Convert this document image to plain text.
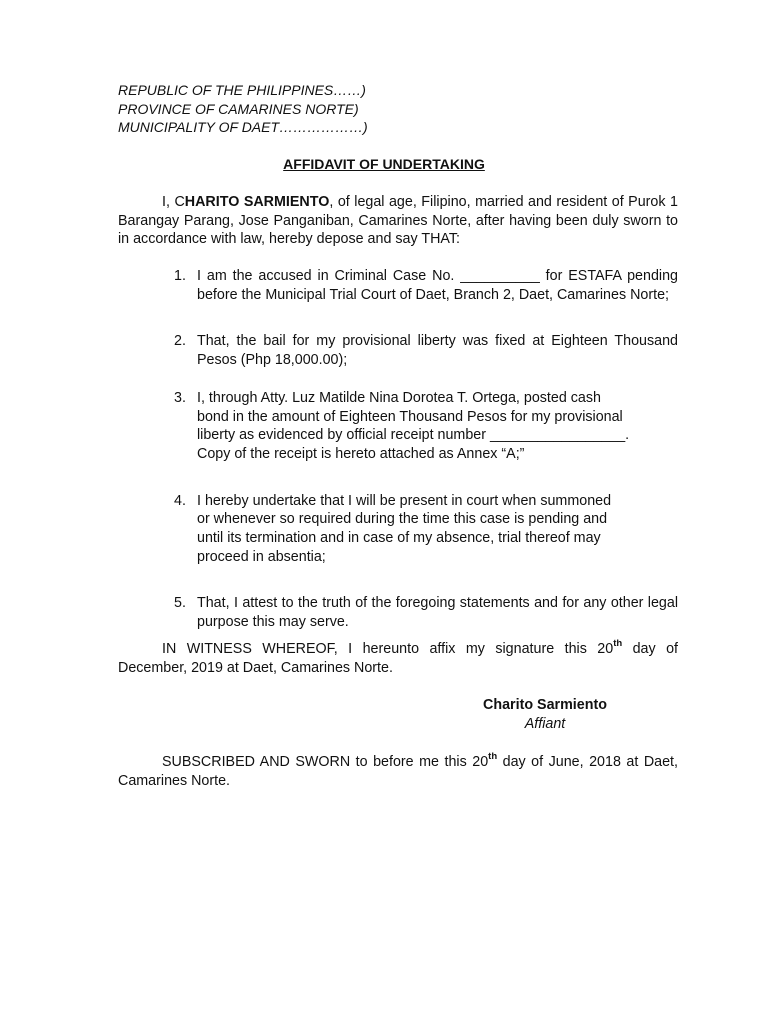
REPUBLIC OF THE PHILIPPINES……)
PROVINCE OF CAMARINES NORTE)
MUNICIPALITY OF DAET………………)
AFFIDAVIT OF UNDERTAKING
I, CHARITO SARMIENTO, of legal age, Filipino, married and resident of Purok 1 Barangay Parang, Jose Panganiban, Camarines Norte, after having been duly sworn to in accordance with law, hereby depose and say THAT:
1. I am the accused in Criminal Case No. __________ for ESTAFA pending before the Municipal Trial Court of Daet, Branch 2, Daet, Camarines Norte;
2. That, the bail for my provisional liberty was fixed at Eighteen Thousand Pesos (Php 18,000.00);
3. I, through Atty. Luz Matilde Nina Dorotea T. Ortega, posted cash
bond in the amount of Eighteen Thousand Pesos for my provisional
liberty as evidenced by official receipt number _________________.
Copy of the receipt is hereto attached as Annex “A;”
4. I hereby undertake that I will be present in court when summoned
or whenever so required during the time this case is pending and
until its termination and in case of my absence, trial thereof may
proceed in absentia;
5. That, I attest to the truth of the foregoing statements and for any other legal purpose this may serve.
IN WITNESS WHEREOF, I hereunto affix my signature this 20th day of December, 2019 at Daet, Camarines Norte.
Charito Sarmiento
Affiant
SUBSCRIBED AND SWORN to before me this 20th day of June, 2018 at Daet, Camarines Norte.
